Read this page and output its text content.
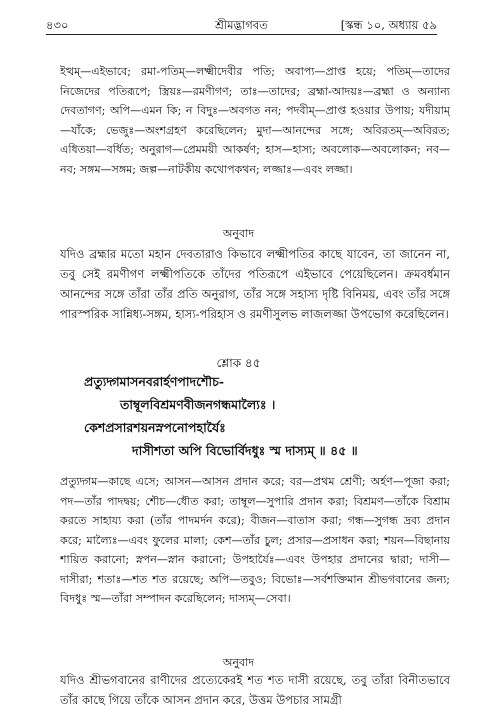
৪৩০	শ্রীমদ্ভাগবত	[স্কন্ধ ১০, অধ্যায় ৫৯

ইত্থম্—এইভাবে; রমা-পতিম্—লক্ষ্মীদেবীর পতি; অবাপ্য—প্রাপ্ত হয়ে; পতিম্—তাদের নিজেদের পতিরূপে; স্ত্রিয়ঃ—রমণীগণ; তাঃ—তাদের; ব্রহ্মা-আদয়ঃ—ব্রহ্মা ও অন্যান্য দেবতাগণ; অপি—এমন কি; ন বিদুঃ—অবগত নন; পদবীম্—প্রাপ্ত হওয়ার উপায়; যদীয়াম্—যাঁকে; ভেজুঃ—অংশগ্রহণ করেছিলেন; মুদা—আনন্দের সঙ্গে; অবিরতম্—অবিরত; এধিতয়া—বর্ধিত; অনুরাগ—প্রেমময়ী আকর্ষণ; হাস—হাস্য; অবলোক—অবলোকন; নব—নব; সঙ্গম—সঙ্গম; জল্প—নাটকীয় কথোপকথন; লজ্জাঃ—এবং লজ্জা।

অনুবাদ

যদিও ব্রহ্মার মতো মহান দেবতারাও কিভাবে লক্ষ্মীপতির কাছে যাবেন, তা জানেন না, তবু সেই রমণীগণ লক্ষ্মীপতিকে তাঁদের পতিরূপে এইভাবে পেয়েছিলেন। ক্রমবর্ধমান আনন্দের সঙ্গে তাঁরা তাঁর প্রতি অনুরাগ, তাঁর সঙ্গে সহাস্য দৃষ্টি বিনিময়, এবং তাঁর সঙ্গে পারস্পরিক সান্নিধ্য-সঙ্গম, হাস্য-পরিহাস ও রমণীসুলভ লাজলজ্জা উপভোগ করেছিলেন।

শ্লোক ৪৫
প্রত্যুদ্গমাসনবরার্হণপাদশৌচ-
তাম্বূলবিশ্রমণবীজনগন্ধমাল্যৈঃ ।
কেশপ্রসারশয়নস্নপনোপহার্যৈঃ
দাসীশতা অপি বিভোর্বিদধুঃ স্ম দাস্যম্ ॥ ৪৫ ॥

প্রত্যুদ্গম—কাছে এসে; আসন—আসন প্রদান করে; বর—প্রথম শ্রেণী; অর্হণ—পূজা করা; পদ—তাঁর পাদদ্বয়; শৌচ—ধৌত করা; তাম্বূল—সুপারি প্রদান করা; বিশ্রমণ—তাঁকে বিশ্রাম করতে সাহায্য করা (তাঁর পাদমর্দন করে); বীজন—বাতাস করা; গন্ধ—সুগন্ধ দ্রব্য প্রদান করে; মাল্যৈঃ—এবং ফুলের মালা; কেশ—তাঁর চুল; প্রসার—প্রসাধন করা; শয়ন—বিছানায় শায়িত করানো; স্নপন—স্নান করানো; উপহার্যৈঃ—এবং উপহার প্রদানের দ্বারা; দাসী—দাসীরা; শতাঃ—শত শত রয়েছে; অপি—তবুও; বিভোঃ—সর্বশক্তিমান শ্রীভগবানের জন্য; বিদধুঃ স্ম—তাঁরা সম্পাদন করেছিলেন; দাস্যম্—সেবা।

অনুবাদ

যদিও শ্রীভগবানের রাণীদের প্রত্যেকেরই শত শত দাসী রয়েছে, তবু তাঁরা বিনীতভাবে তাঁর কাছে গিয়ে তাঁকে আসন প্রদান করে, উত্তম উপচার সামগ্রী
